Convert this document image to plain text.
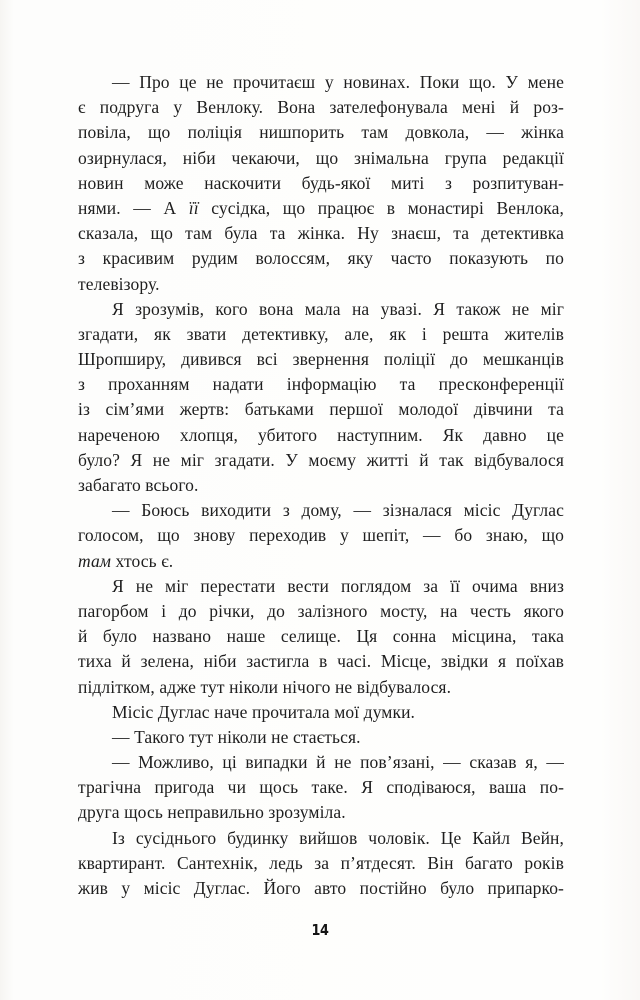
— Про це не прочитаєш у новинах. Поки що. У мене
є подруга у Венлоку. Вона зателефонувала мені й роз-
повіла, що поліція нишпорить там довкола, — жінка
озирнулася, ніби чекаючи, що знімальна група редакції
новин може наскочити будь-якої миті з розпитуван-
нями. — А її сусідка, що працює в монастирі Венлока,
сказала, що там була та жінка. Ну знаєш, та детективка
з красивим рудим волоссям, яку часто показують по
телевізору.
Я зрозумів, кого вона мала на увазі. Я також не міг
згадати, як звати детективку, але, як і решта жителів
Шропширу, дивився всі звернення поліції до мешканців
з проханням надати інформацію та пресконференції
із сім’ями жертв: батьками першої молодої дівчини та
нареченою хлопця, убитого наступним. Як давно це
було? Я не міг згадати. У моєму житті й так відбувалося
забагато всього.
— Боюсь виходити з дому, — зізналася місіс Дуглас
голосом, що знову переходив у шепіт, — бо знаю, що
там хтось є.
Я не міг перестати вести поглядом за її очима вниз
пагорбом і до річки, до залізного мосту, на честь якого
й було названо наше селище. Ця сонна місцина, така
тиха й зелена, ніби застигла в часі. Місце, звідки я поїхав
підлітком, адже тут ніколи нічого не відбувалося.
Місіс Дуглас наче прочитала мої думки.
— Такого тут ніколи не стається.
— Можливо, ці випадки й не пов’язані, — сказав я, —
трагічна пригода чи щось таке. Я сподіваюся, ваша по-
друга щось неправильно зрозуміла.
Із сусіднього будинку вийшов чоловік. Це Кайл Вейн,
квартирант. Сантехнік, ледь за п’ятдесят. Він багато років
жив у місіс Дуглас. Його авто постійно було припарко-
14
